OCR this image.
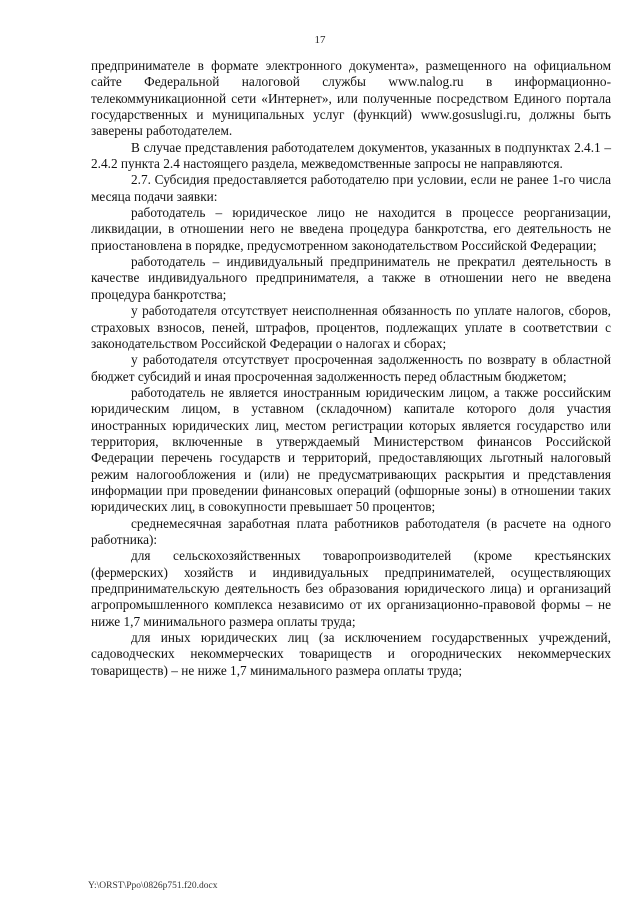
17

предпринимателе в формате электронного документа», размещенного на официальном сайте Федеральной налоговой службы www.nalog.ru в информационно-телекоммуникационной сети «Интернет», или полученные посредством Единого портала государственных и муниципальных услуг (функций) www.gosuslugi.ru, должны быть заверены работодателем.

В случае представления работодателем документов, указанных в подпунктах 2.4.1 – 2.4.2 пункта 2.4 настоящего раздела, межведомственные запросы не направляются.

2.7. Субсидия предоставляется работодателю при условии, если не ранее 1-го числа месяца подачи заявки:

работодатель – юридическое лицо не находится в процессе реорганизации, ликвидации, в отношении него не введена процедура банкротства, его деятельность не приостановлена в порядке, предусмотренном законодательством Российской Федерации;

работодатель – индивидуальный предприниматель не прекратил деятельность в качестве индивидуального предпринимателя, а также в отношении него не введена процедура банкротства;

у работодателя отсутствует неисполненная обязанность по уплате налогов, сборов, страховых взносов, пеней, штрафов, процентов, подлежащих уплате в соответствии с законодательством Российской Федерации о налогах и сборах;

у работодателя отсутствует просроченная задолженность по возврату в областной бюджет субсидий и иная просроченная задолженность перед областным бюджетом;

работодатель не является иностранным юридическим лицом, а также российским юридическим лицом, в уставном (складочном) капитале которого доля участия иностранных юридических лиц, местом регистрации которых является государство или территория, включенные в утверждаемый Министерством финансов Российской Федерации перечень государств и территорий, предоставляющих льготный налоговый режим налогообложения и (или) не предусматривающих раскрытия и представления информации при проведении финансовых операций (офшорные зоны) в отношении таких юридических лиц, в совокупности превышает 50 процентов;

среднемесячная заработная плата работников работодателя (в расчете на одного работника):

для сельскохозяйственных товаропроизводителей (кроме крестьянских (фермерских) хозяйств и индивидуальных предпринимателей, осуществляющих предпринимательскую деятельность без образования юридического лица) и организаций агропромышленного комплекса независимо от их организационно-правовой формы – не ниже 1,7 минимального размера оплаты труда;

для иных юридических лиц (за исключением государственных учреждений, садоводческих некоммерческих товариществ и огороднических некоммерческих товариществ) – не ниже 1,7 минимального размера оплаты труда;

Y:\ORST\Ppo\0826p751.f20.docx
